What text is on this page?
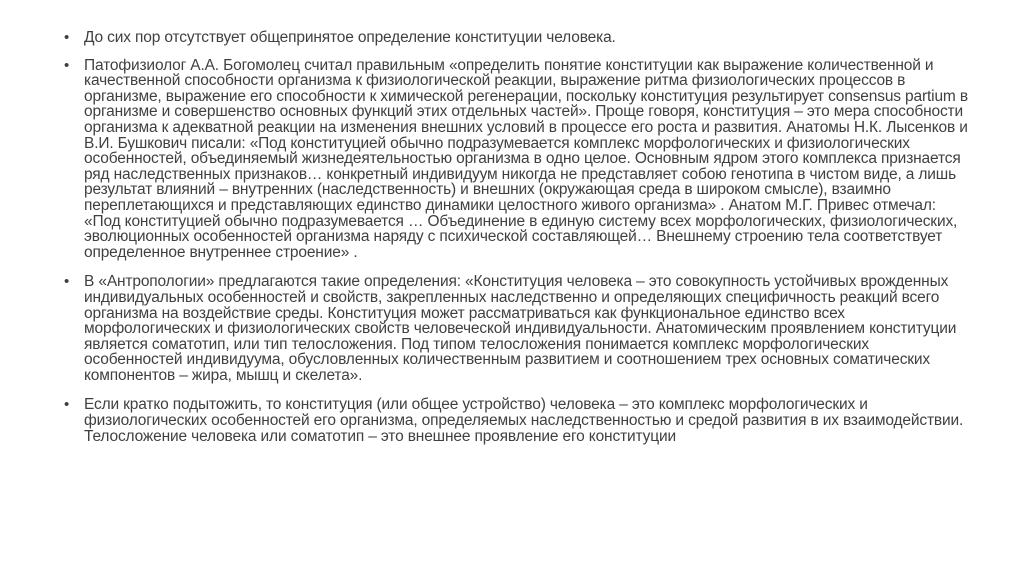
• До сих пор отсутствует общепринятое определение конституции человека.
• Патофизиолог А.А. Богомолец считал правильным «определить понятие конституции как выражение количественной и качественной способности организма к физиологической реакции, выражение ритма физиологических процессов в организме, выражение его способности к химической регенерации, поскольку конституция результирует consensus partium в организме и совершенство основных функций этих отдельных частей». Проще говоря, конституция – это мера способности организма к адекватной реакции на изменения внешних условий в процессе его роста и развития. Анатомы Н.К. Лысенков и В.И. Бушкович писали: «Под конституцией обычно подразумевается комплекс морфологических и физиологических особенностей, объединяемый жизнедеятельностью организма в одно целое. Основным ядром этого комплекса признается ряд наследственных признаков… конкретный индивидуум никогда не представляет собою генотипа в чистом виде, а лишь результат влияний – внутренних (наследственность) и внешних (окружающая среда в широком смысле), взаимно переплетающихся и представляющих единство динамики целостного живого организма» . Анатом М.Г. Привес отмечал: «Под конституцией обычно подразумевается … Объединение в единую систему всех морфологических, физиологических, эволюционных особенностей организма наряду с психической составляющей… Внешнему строению тела соответствует определенное внутреннее строение» .
• В «Антропологии» предлагаются такие определения: «Конституция человека – это совокупность устойчивых врожденных индивидуальных особенностей и свойств, закрепленных наследственно и определяющих специфичность реакций всего организма на воздействие среды. Конституция может рассматриваться как функциональное единство всех морфологических и физиологических свойств человеческой индивидуальности. Анатомическим проявлением конституции является соматотип, или тип телосложения. Под типом телосложения понимается комплекс морфологических особенностей индивидуума, обусловленных количественным развитием и соотношением трех основных соматических компонентов – жира, мышц и скелета».
• Если кратко подытожить, то конституция (или общее устройство) человека – это комплекс морфологических и физиологических особенностей его организма, определяемых наследственностью и средой развития в их взаимодействии. Телосложение человека или соматотип – это внешнее проявление его конституции
